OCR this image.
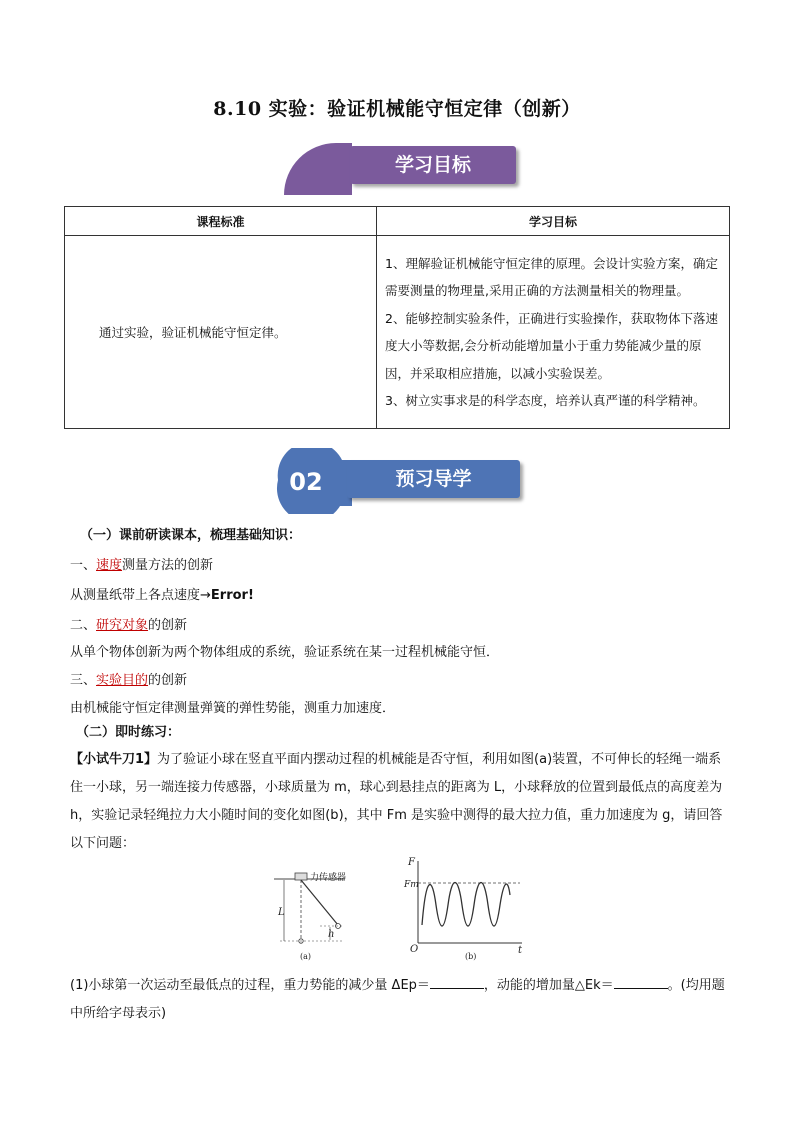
8.10 实验：验证机械能守恒定律（创新）
学习目标
课程标准	学习目标
通过实验，验证机械能守恒定律。	1、理解验证机械能守恒定律的原理。会设计实验方案，确定需要测量的物理量,采用正确的方法测量相关的物理量。
2、能够控制实验条件，正确进行实验操作，获取物体下落速度大小等数据,会分析动能增加量小于重力势能减少量的原因，并采取相应措施，以减小实验误差。
3、树立实事求是的科学态度，培养认真严谨的科学精神。
02	预习导学
（一）课前研读课本，梳理基础知识：
一、速度测量方法的创新
从测量纸带上各点速度→Error!
二、研究对象的创新
从单个物体创新为两个物体组成的系统，验证系统在某一过程机械能守恒．
三、实验目的的创新
由机械能守恒定律测量弹簧的弹性势能，测重力加速度．
（二）即时练习：
【小试牛刀1】为了验证小球在竖直平面内摆动过程的机械能是否守恒，利用如图(a)装置，不可伸长的轻绳一端系住一小球，另一端连接力传感器，小球质量为 m，球心到悬挂点的距离为 L，小球释放的位置到最低点的高度差为 h，实验记录轻绳拉力大小随时间的变化如图(b)，其中 Fm 是实验中测得的最大拉力值，重力加速度为 g，请回答以下问题：
力传感器
L
h
(a)
F
Fm
O	t
(b)
(1)小球第一次运动至最低点的过程，重力势能的减少量 ΔEp＝	，动能的增加量△Ek＝	。(均用题中所给字母表示)
